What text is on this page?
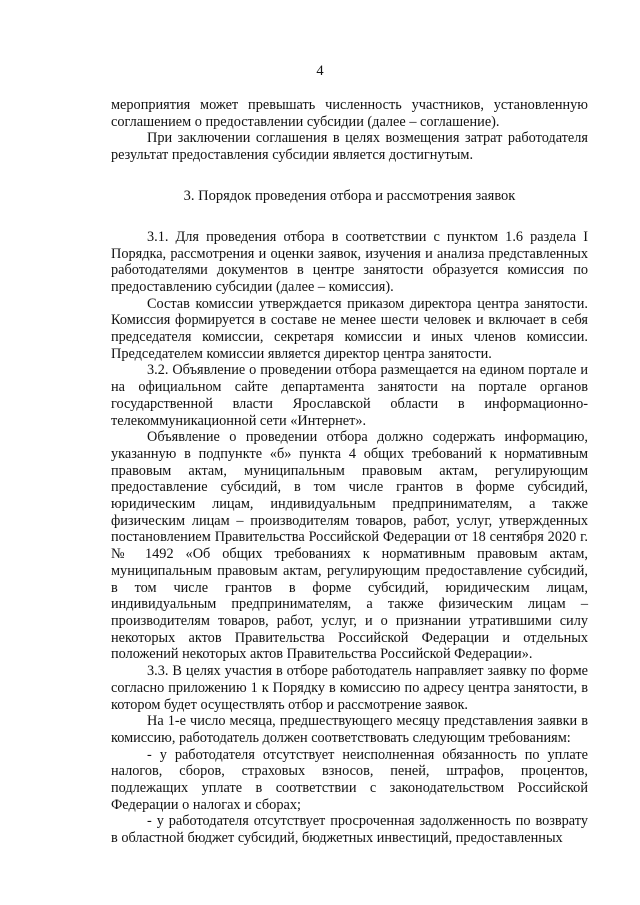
4

мероприятия может превышать численность участников, установленную соглашением о предоставлении субсидии (далее – соглашение).

При заключении соглашения в целях возмещения затрат работодателя результат предоставления субсидии является достигнутым.

3. Порядок проведения отбора и рассмотрения заявок

3.1. Для проведения отбора в соответствии с пунктом 1.6 раздела I Порядка, рассмотрения и оценки заявок, изучения и анализа представленных работодателями документов в центре занятости образуется комиссия по предоставлению субсидии (далее – комиссия).

Состав комиссии утверждается приказом директора центра занятости. Комиссия формируется в составе не менее шести человек и включает в себя председателя комиссии, секретаря комиссии и иных членов комиссии. Председателем комиссии является директор центра занятости.

3.2. Объявление о проведении отбора размещается на едином портале и на официальном сайте департамента занятости на портале органов государственной власти Ярославской области в информационно-телекоммуникационной сети «Интернет».

Объявление о проведении отбора должно содержать информацию, указанную в подпункте «б» пункта 4 общих требований к нормативным правовым актам, муниципальным правовым актам, регулирующим предоставление субсидий, в том числе грантов в форме субсидий, юридическим лицам, индивидуальным предпринимателям, а также физическим лицам – производителям товаров, работ, услуг, утвержденных постановлением Правительства Российской Федерации от 18 сентября 2020 г. № 1492 «Об общих требованиях к нормативным правовым актам, муниципальным правовым актам, регулирующим предоставление субсидий, в том числе грантов в форме субсидий, юридическим лицам, индивидуальным предпринимателям, а также физическим лицам – производителям товаров, работ, услуг, и о признании утратившими силу некоторых актов Правительства Российской Федерации и отдельных положений некоторых актов Правительства Российской Федерации».

3.3. В целях участия в отборе работодатель направляет заявку по форме согласно приложению 1 к Порядку в комиссию по адресу центра занятости, в котором будет осуществлять отбор и рассмотрение заявок.

На 1-е число месяца, предшествующего месяцу представления заявки в комиссию, работодатель должен соответствовать следующим требованиям:

- у работодателя отсутствует неисполненная обязанность по уплате налогов, сборов, страховых взносов, пеней, штрафов, процентов, подлежащих уплате в соответствии с законодательством Российской Федерации о налогах и сборах;

- у работодателя отсутствует просроченная задолженность по возврату в областной бюджет субсидий, бюджетных инвестиций, предоставленных
